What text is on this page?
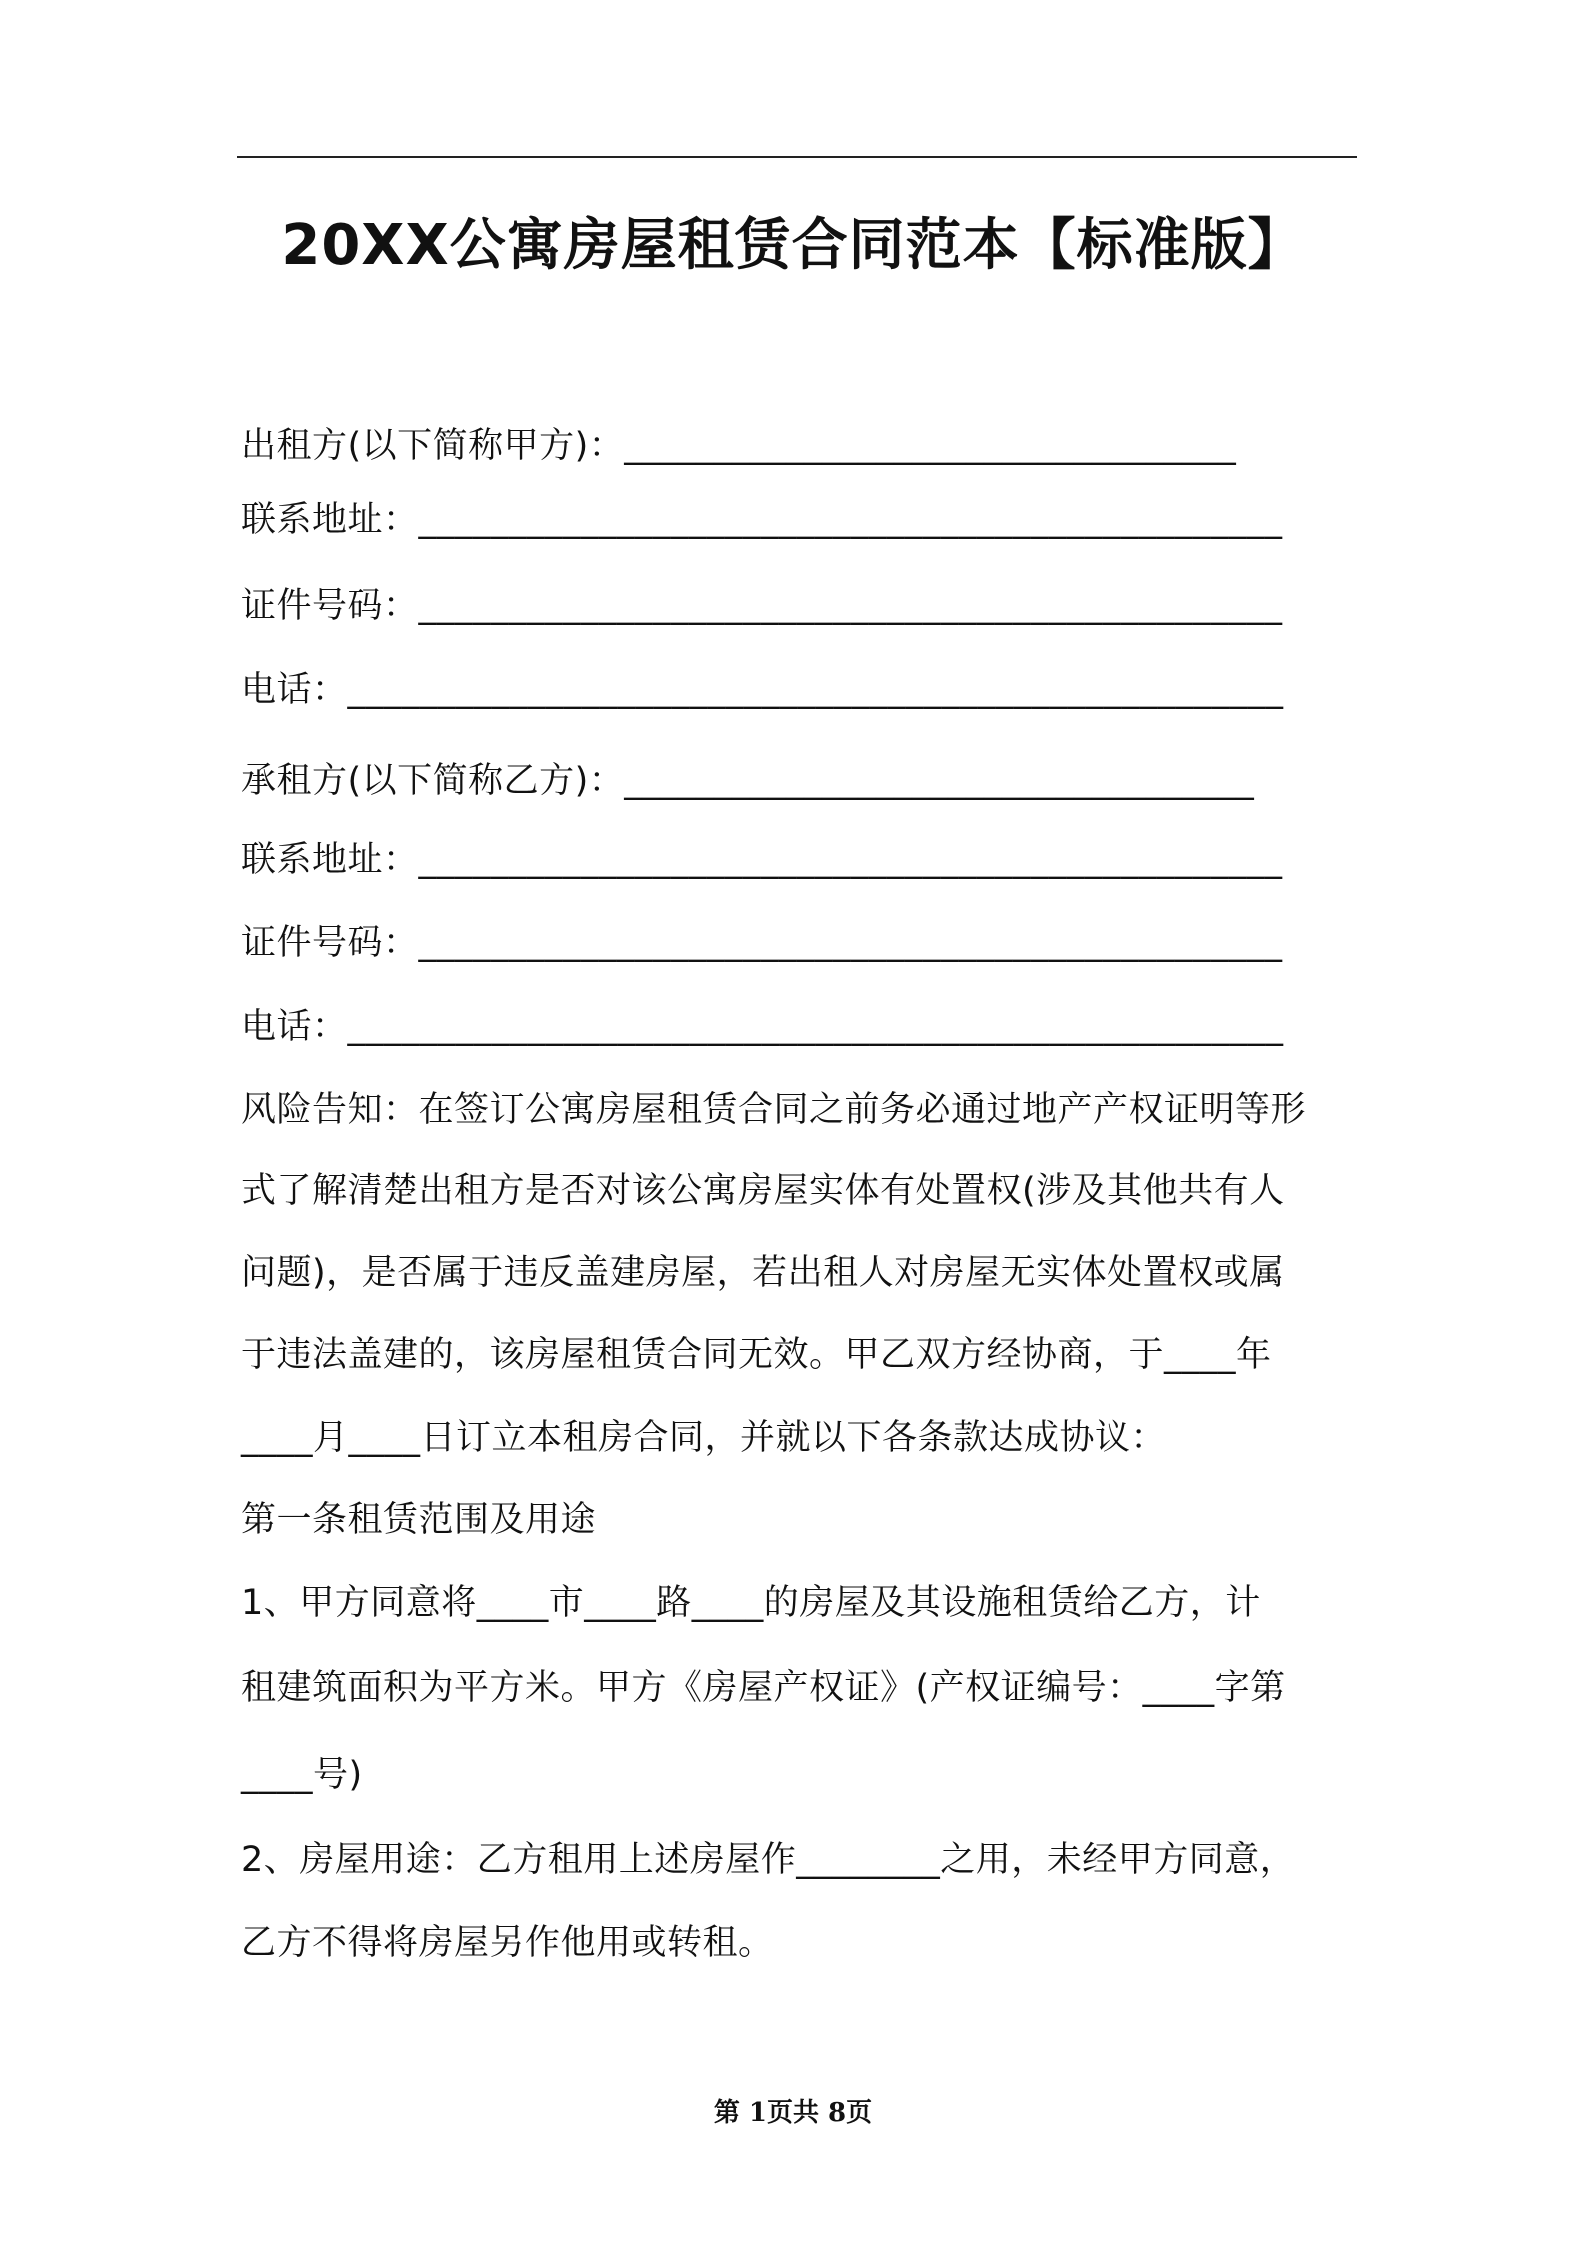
20XX公寓房屋租赁合同范本【标准版】
出租方(以下简称甲方)：__________________________________
联系地址：________________________________________________
证件号码：________________________________________________
电话：____________________________________________________
承租方(以下简称乙方)：___________________________________
联系地址：________________________________________________
证件号码：________________________________________________
电话：____________________________________________________
风险告知：在签订公寓房屋租赁合同之前务必通过地产产权证明等形
式了解清楚出租方是否对该公寓房屋实体有处置权(涉及其他共有人
问题)，是否属于违反盖建房屋，若出租人对房屋无实体处置权或属
于违法盖建的，该房屋租赁合同无效。甲乙双方经协商，于____年
____月____日订立本租房合同，并就以下各条款达成协议：
第一条租赁范围及用途
1、甲方同意将____市____路____的房屋及其设施租赁给乙方，计
租建筑面积为平方米。甲方《房屋产权证》(产权证编号：____字第
____号)
2、房屋用途：乙方租用上述房屋作________之用，未经甲方同意，
乙方不得将房屋另作他用或转租。
第 1页共 8页
